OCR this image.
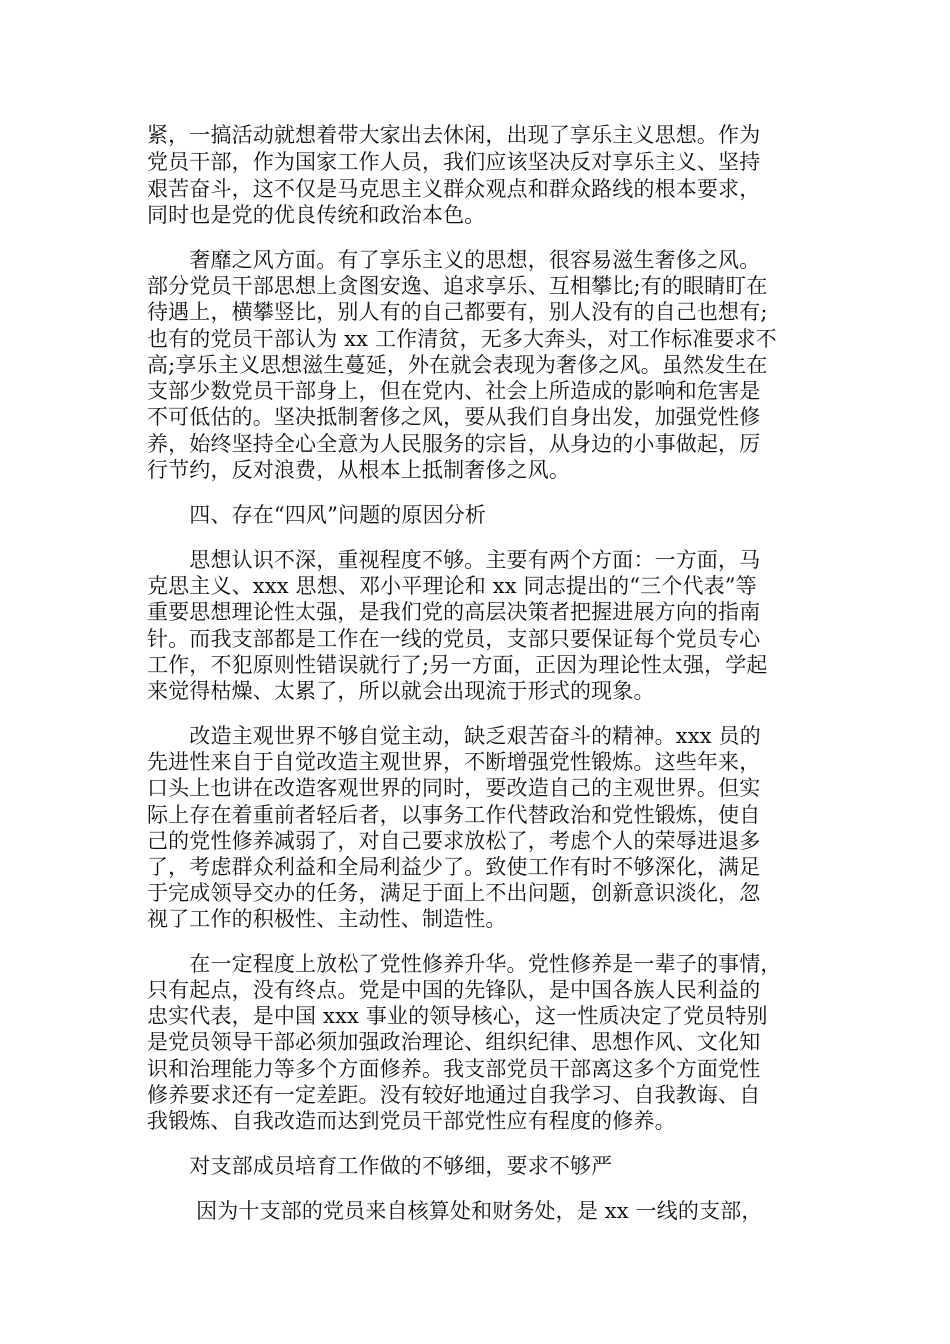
紧，一搞活动就想着带大家出去休闲，出现了享乐主义思想。作为
党员干部，作为国家工作人员，我们应该坚决反对享乐主义、坚持
艰苦奋斗，这不仅是马克思主义群众观点和群众路线的根本要求，
同时也是党的优良传统和政治本色。
　　奢靡之风方面。有了享乐主义的思想，很容易滋生奢侈之风。
部分党员干部思想上贪图安逸、追求享乐、互相攀比;有的眼睛盯在
待遇上，横攀竖比，别人有的自己都要有，别人没有的自己也想有;
也有的党员干部认为 xx 工作清贫，无多大奔头，对工作标准要求不
高;享乐主义思想滋生蔓延，外在就会表现为奢侈之风。虽然发生在
支部少数党员干部身上，但在党内、社会上所造成的影响和危害是
不可低估的。坚决抵制奢侈之风，要从我们自身出发，加强党性修
养，始终坚持全心全意为人民服务的宗旨，从身边的小事做起，厉
行节约，反对浪费，从根本上抵制奢侈之风。
　　四、存在“四风”问题的原因分析
　　思想认识不深，重视程度不够。主要有两个方面：一方面，马
克思主义、xxx 思想、邓小平理论和 xx 同志提出的“三个代表”等
重要思想理论性太强，是我们党的高层决策者把握进展方向的指南
针。而我支部都是工作在一线的党员，支部只要保证每个党员专心
工作，不犯原则性错误就行了;另一方面，正因为理论性太强，学起
来觉得枯燥、太累了，所以就会出现流于形式的现象。
　　改造主观世界不够自觉主动，缺乏艰苦奋斗的精神。xxx 员的
先进性来自于自觉改造主观世界，不断增强党性锻炼。这些年来，
口头上也讲在改造客观世界的同时，要改造自己的主观世界。但实
际上存在着重前者轻后者，以事务工作代替政治和党性锻炼，使自
己的党性修养减弱了，对自己要求放松了，考虑个人的荣辱进退多
了，考虑群众利益和全局利益少了。致使工作有时不够深化，满足
于完成领导交办的任务，满足于面上不出问题，创新意识淡化，忽
视了工作的积极性、主动性、制造性。
　　在一定程度上放松了党性修养升华。党性修养是一辈子的事情，
只有起点，没有终点。党是中国的先锋队，是中国各族人民利益的
忠实代表，是中国 xxx 事业的领导核心，这一性质决定了党员特别
是党员领导干部必须加强政治理论、组织纪律、思想作风、文化知
识和治理能力等多个方面修养。我支部党员干部离这多个方面党性
修养要求还有一定差距。没有较好地通过自我学习、自我教诲、自
我锻炼、自我改造而达到党员干部党性应有程度的修养。
　　对支部成员培育工作做的不够细，要求不够严
　　 因为十支部的党员来自核算处和财务处，是 xx 一线的支部，
